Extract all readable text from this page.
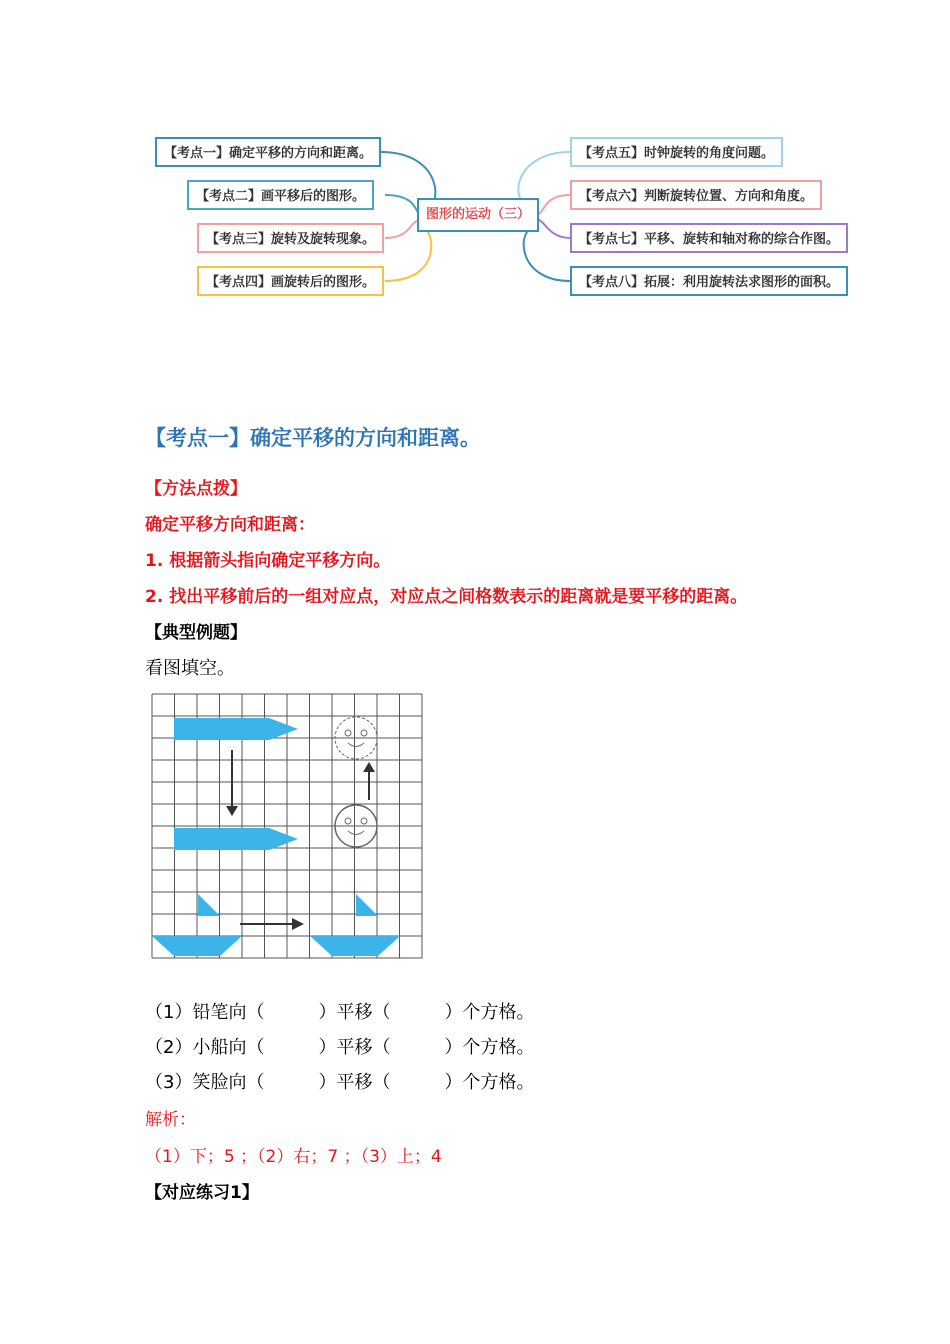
【考点一】确定平移的方向和距离。
【考点二】画平移后的图形。
【考点三】旋转及旋转现象。
【考点四】画旋转后的图形。
图形的运动（三）
【考点五】时钟旋转的角度问题。
【考点六】判断旋转位置、方向和角度。
【考点七】平移、旋转和轴对称的综合作图。
【考点八】拓展：利用旋转法求图形的面积。
【考点一】确定平移的方向和距离。
【方法点拨】
确定平移方向和距离：
1. 根据箭头指向确定平移方向。
2. 找出平移前后的一组对应点，对应点之间格数表示的距离就是要平移的距离。
【典型例题】
看图填空。
（1）铅笔向（　　　）平移（　　　）个方格。
（2）小船向（　　　）平移（　　　）个方格。
（3）笑脸向（　　　）平移（　　　）个方格。
解析：
（1）下；5 ；（2）右；7 ；（3）上；4
【对应练习1】
